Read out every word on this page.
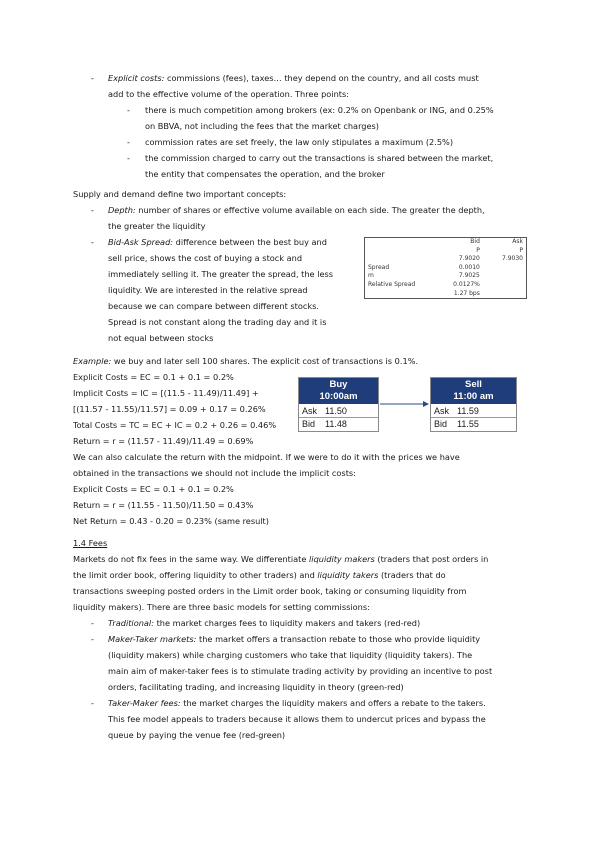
- Explicit costs: commissions (fees), taxes… they depend on the country, and all costs must
add to the effective volume of the operation. Three points:
- there is much competition among brokers (ex: 0.2% on Openbank or ING, and 0.25%
on BBVA, not including the fees that the market charges)
- commission rates are set freely, the law only stipulates a maximum (2.5%)
- the commission charged to carry out the transactions is shared between the market,
the entity that compensates the operation, and the broker
Supply and demand define two important concepts:
- Depth: number of shares or effective volume available on each side. The greater the depth,
the greater the liquidity
- Bid-Ask Spread: difference between the best buy and
sell price, shows the cost of buying a stock and
immediately selling it. The greater the spread, the less
liquidity. We are interested in the relative spread
because we can compare between different stocks.
Spread is not constant along the trading day and it is
not equal between stocks
	Bid	Ask
	P	P
	7.9020	7.9030
Spread	0.0010	
m	7.9025	
Relative Spread	0.0127%	
	1.27 bps	
Example: we buy and later sell 100 shares. The explicit cost of transactions is 0.1%.
Explicit Costs = EC = 0.1 + 0.1 = 0.2%
Implicit Costs = IC = [(11.5 - 11.49)/11.49] +
[(11.57 - 11.55)/11.57] = 0.09 + 0.17 = 0.26%
Total Costs = TC = EC + IC = 0.2 + 0.26 = 0.46%
Return = r = (11.57 - 11.49)/11.49 = 0.69%
We can also calculate the return with the midpoint. If we were to do it with the prices we have
obtained in the transactions we should not include the implicit costs:
Explicit Costs = EC = 0.1 + 0.1 = 0.2%
Return = r = (11.55 - 11.50)/11.50 = 0.43%
Net Return = 0.43 - 0.20 = 0.23% (same result)
Buy
10:00am
Ask 11.50
Bid 11.48
Sell
11:00 am
Ask 11.59
Bid 11.55
1.4 Fees
Markets do not fix fees in the same way. We differentiate liquidity makers (traders that post orders in
the limit order book, offering liquidity to other traders) and liquidity takers (traders that do
transactions sweeping posted orders in the Limit order book, taking or consuming liquidity from
liquidity makers). There are three basic models for setting commissions:
- Traditional: the market charges fees to liquidity makers and takers (red-red)
- Maker-Taker markets: the market offers a transaction rebate to those who provide liquidity
(liquidity makers) while charging customers who take that liquidity (liquidity takers). The
main aim of maker-taker fees is to stimulate trading activity by providing an incentive to post
orders, facilitating trading, and increasing liquidity in theory (green-red)
- Taker-Maker fees: the market charges the liquidity makers and offers a rebate to the takers.
This fee model appeals to traders because it allows them to undercut prices and bypass the
queue by paying the venue fee (red-green)
